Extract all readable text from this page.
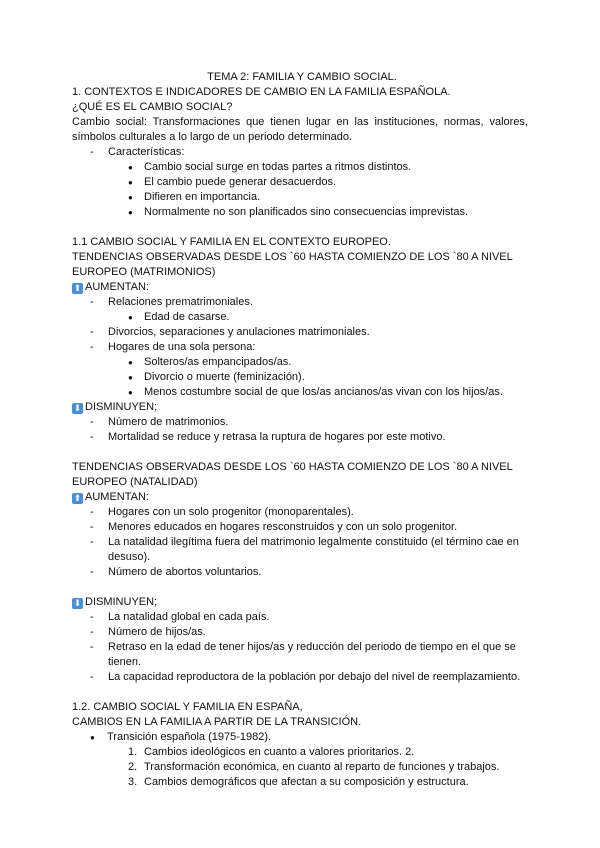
TEMA 2: FAMILIA Y CAMBIO SOCIAL.
1. CONTEXTOS E INDICADORES DE CAMBIO EN LA FAMILIA ESPAÑOLA.
¿QUÉ ES EL CAMBIO SOCIAL?
Cambio social: Transformaciones que tienen lugar en las instituciones, normas, valores, símbolos culturales a lo largo de un periodo determinado.
- Características:
● Cambio social surge en todas partes a ritmos distintos.
● El cambio puede generar desacuerdos.
● Difieren en importancia.
● Normalmente no son planificados sino consecuencias imprevistas.
1.1 CAMBIO SOCIAL Y FAMILIA EN EL CONTEXTO EUROPEO.
TENDENCIAS OBSERVADAS DESDE LOS `60 HASTA COMIENZO DE LOS `80 A NIVEL
EUROPEO (MATRIMONIOS)
⬆ AUMENTAN:
- Relaciones prematrimoniales.
● Edad de casarse.
- Divorcios, separaciones y anulaciones matrimoniales.
- Hogares de una sola persona:
● Solteros/as empancipados/as.
● Divorcio o muerte (feminización).
● Menos costumbre social de que los/as ancianos/as vivan con los hijos/as.
⬇ DISMINUYEN;
- Número de matrimonios.
- Mortalidad se reduce y retrasa la ruptura de hogares por este motivo.
TENDENCIAS OBSERVADAS DESDE LOS `60 HASTA COMIENZO DE LOS `80 A NIVEL
EUROPEO (NATALIDAD)
⬆ AUMENTAN:
- Hogares con un solo progenitor (monoparentales).
- Menores educados en hogares resconstruidos y con un solo progenitor.
- La natalidad ilegítima fuera del matrimonio legalmente constituido (el término cae en desuso).
- Número de abortos voluntarios.
⬇ DISMINUYEN;
- La natalidad global en cada país.
- Número de hijos/as.
- Retraso en la edad de tener hijos/as y reducción del periodo de tiempo en el que se tienen.
- La capacidad reproductora de la población por debajo del nivel de reemplazamiento.
1.2. CAMBIO SOCIAL Y FAMILIA EN ESPAÑA,
CAMBIOS EN LA FAMILIA A PARTIR DE LA TRANSICIÓN.
● Transición española (1975-1982).
1. Cambios ideológicos en cuanto a valores prioritarios. 2.
2. Transformación económica, en cuanto al reparto de funciones y trabajos.
3. Cambios demográficos que afectan a su composición y estructura.
